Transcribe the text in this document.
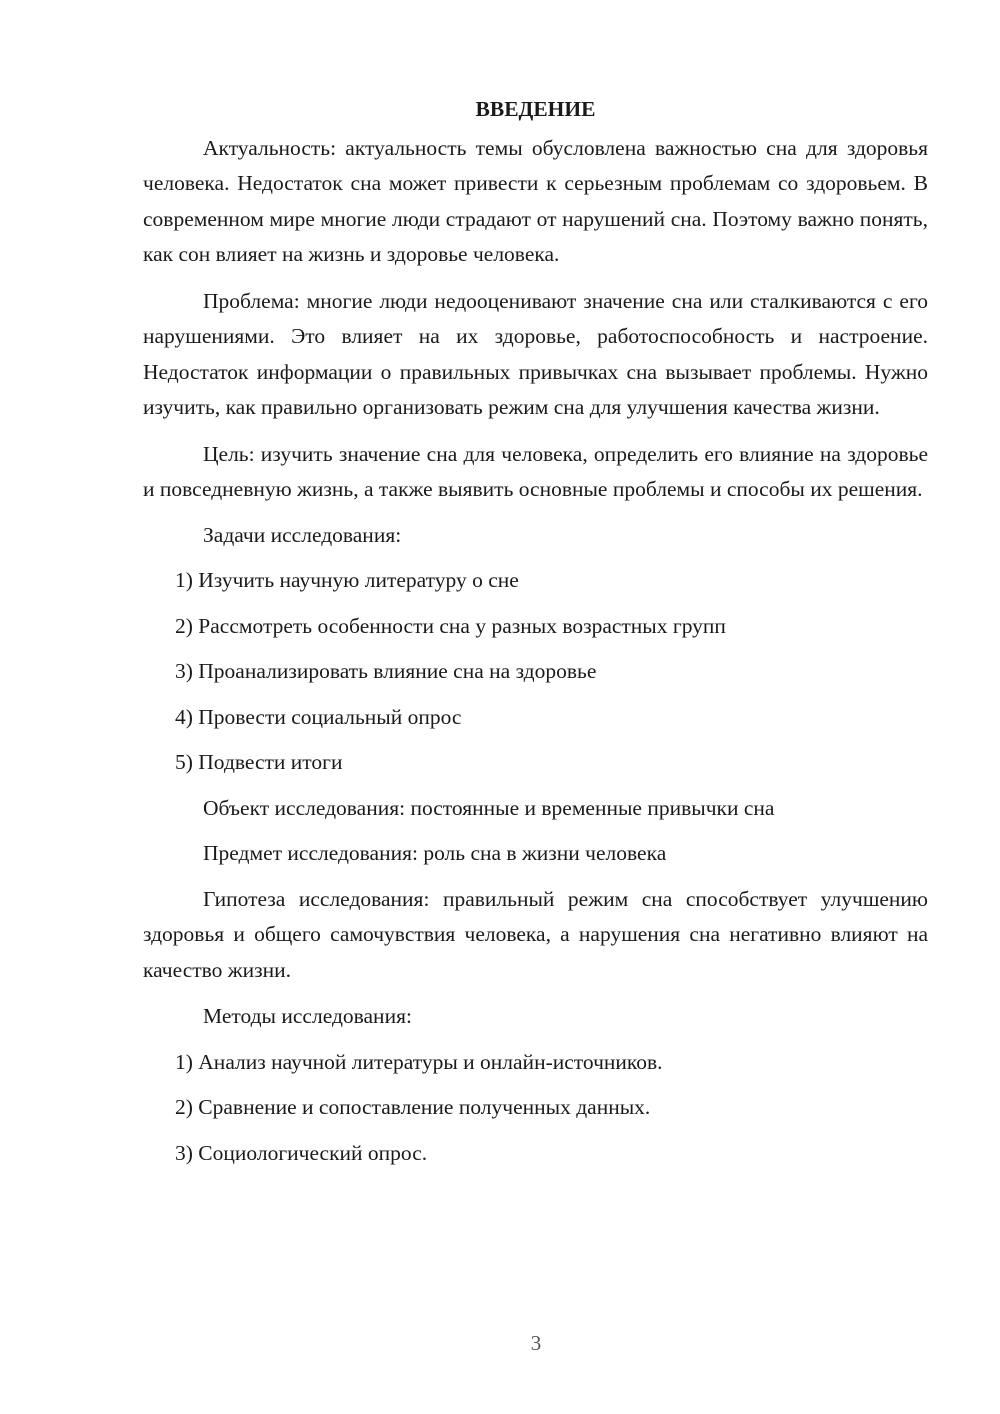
ВВЕДЕНИЕ

Актуальность: актуальность темы обусловлена важностью сна для здоровья человека. Недостаток сна может привести к серьезным проблемам со здоровьем. В современном мире многие люди страдают от нарушений сна. Поэтому важно понять, как сон влияет на жизнь и здоровье человека.

Проблема: многие люди недооценивают значение сна или сталкиваются с его нарушениями. Это влияет на их здоровье, работоспособность и настроение. Недостаток информации о правильных привычках сна вызывает проблемы. Нужно изучить, как правильно организовать режим сна для улучшения качества жизни.

Цель: изучить значение сна для человека, определить его влияние на здоровье и повседневную жизнь, а также выявить основные проблемы и способы их решения.

Задачи исследования:

1) Изучить научную литературу о сне

2) Рассмотреть особенности сна у разных возрастных групп

3) Проанализировать влияние сна на здоровье

4) Провести социальный опрос

5) Подвести итоги

Объект исследования: постоянные и временные привычки сна

Предмет исследования: роль сна в жизни человека

Гипотеза исследования: правильный режим сна способствует улучшению здоровья и общего самочувствия человека, а нарушения сна негативно влияют на качество жизни.

Методы исследования:

1) Анализ научной литературы и онлайн-источников.

2) Сравнение и сопоставление полученных данных.

3) Социологический опрос.

3
